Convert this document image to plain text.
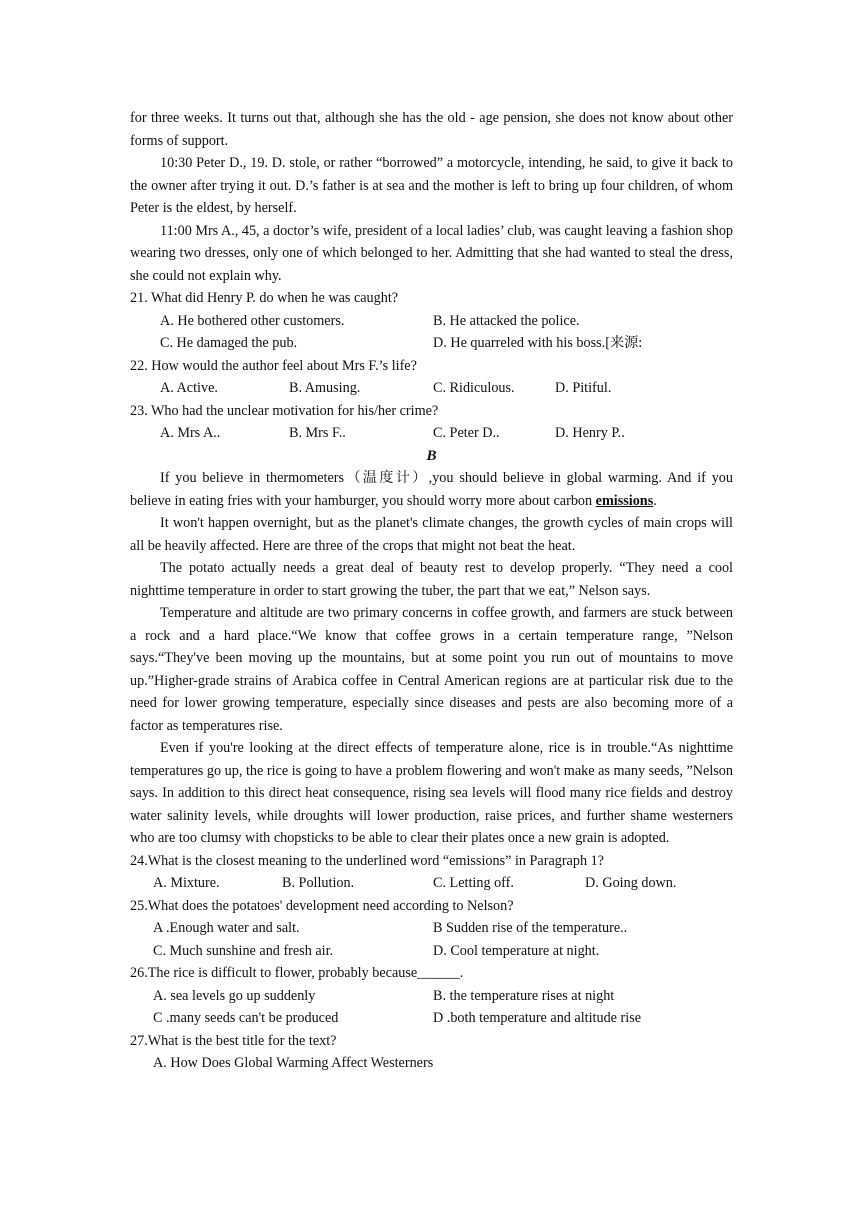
for three weeks. It turns out that, although she has the old - age pension, she does not know about other forms of support.

10:30 Peter D., 19. D. stole, or rather “borrowed” a motorcycle, intending, he said, to give it back to the owner after trying it out. D.’s father is at sea and the mother is left to bring up four children, of whom Peter is the eldest, by herself.

11:00 Mrs A., 45, a doctor’s wife, president of a local ladies’ club, was caught leaving a fashion shop wearing two dresses, only one of which belonged to her. Admitting that she had wanted to steal the dress, she could not explain why.

21. What did Henry P. do when he was caught?

A. He bothered other customers.	B. He attacked the police.
C. He damaged the pub.	D. He quarreled with his boss.[来源:

22. How would the author feel about Mrs F.’s life?

A. Active.	B. Amusing.	C. Ridiculous.	D. Pitiful.

23. Who had the unclear motivation for his/her crime?

A. Mrs A..	B. Mrs F..	C. Peter D..	D. Henry P..

B

If you believe in thermometers（温度计）,you should believe in global warming. And if you believe in eating fries with your hamburger, you should worry more about carbon emissions.

It won't happen overnight, but as the planet's climate changes, the growth cycles of main crops will all be heavily affected. Here are three of the crops that might not beat the heat.

The potato actually needs a great deal of beauty rest to develop properly. “They need a cool nighttime temperature in order to start growing the tuber, the part that we eat,” Nelson says.

Temperature and altitude are two primary concerns in coffee growth, and farmers are stuck between a rock and a hard place.“We know that coffee grows in a certain temperature range, ”Nelson says.“They've been moving up the mountains, but at some point you run out of mountains to move up.”Higher-grade strains of Arabica coffee in Central American regions are at particular risk due to the need for lower growing temperature, especially since diseases and pests are also becoming more of a factor as temperatures rise.

Even if you're looking at the direct effects of temperature alone, rice is in trouble.“As nighttime temperatures go up, the rice is going to have a problem flowering and won't make as many seeds, ”Nelson says. In addition to this direct heat consequence, rising sea levels will flood many rice fields and destroy water salinity levels, while droughts will lower production, raise prices, and further shame westerners who are too clumsy with chopsticks to be able to clear their plates once a new grain is adopted.

24.What is the closest meaning to the underlined word “emissions” in Paragraph 1?

A. Mixture.	B. Pollution.	C. Letting off.	D. Going down.

25.What does the potatoes' development need according to Nelson?

A .Enough water and salt.	B Sudden rise of the temperature..
C. Much sunshine and fresh air.	D. Cool temperature at night.

26.The rice is difficult to flower, probably because______.

A. sea levels go up suddenly	B. the temperature rises at night
C .many seeds can't be produced	D .both temperature and altitude rise

27.What is the best title for the text?

A. How Does Global Warming Affect Westerners
